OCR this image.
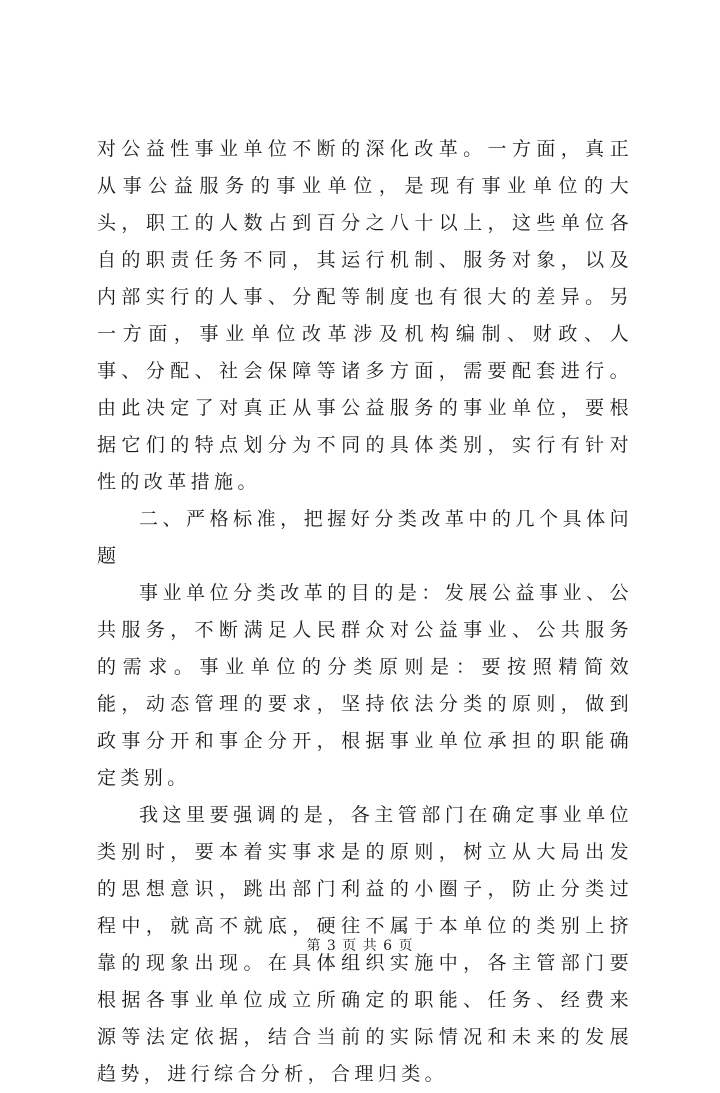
对公益性事业单位不断的深化改革。一方面，真正从事公益服务的事业单位，是现有事业单位的大头，职工的人数占到百分之八十以上，这些单位各自的职责任务不同，其运行机制、服务对象，以及内部实行的人事、分配等制度也有很大的差异。另一方面，事业单位改革涉及机构编制、财政、人事、分配、社会保障等诸多方面，需要配套进行。由此决定了对真正从事公益服务的事业单位，要根据它们的特点划分为不同的具体类别，实行有针对性的改革措施。

二、严格标准，把握好分类改革中的几个具体问题

事业单位分类改革的目的是：发展公益事业、公共服务，不断满足人民群众对公益事业、公共服务的需求。事业单位的分类原则是：要按照精简效能，动态管理的要求，坚持依法分类的原则，做到政事分开和事企分开，根据事业单位承担的职能确定类别。

我这里要强调的是，各主管部门在确定事业单位类别时，要本着实事求是的原则，树立从大局出发的思想意识，跳出部门利益的小圈子，防止分类过程中，就高不就底，硬往不属于本单位的类别上挤靠的现象出现。在具体组织实施中，各主管部门要根据各事业单位成立所确定的职能、任务、经费来源等法定依据，结合当前的实际情况和未来的发展趋势，进行综合分析，合理归类。

第 3 页 共 6 页
